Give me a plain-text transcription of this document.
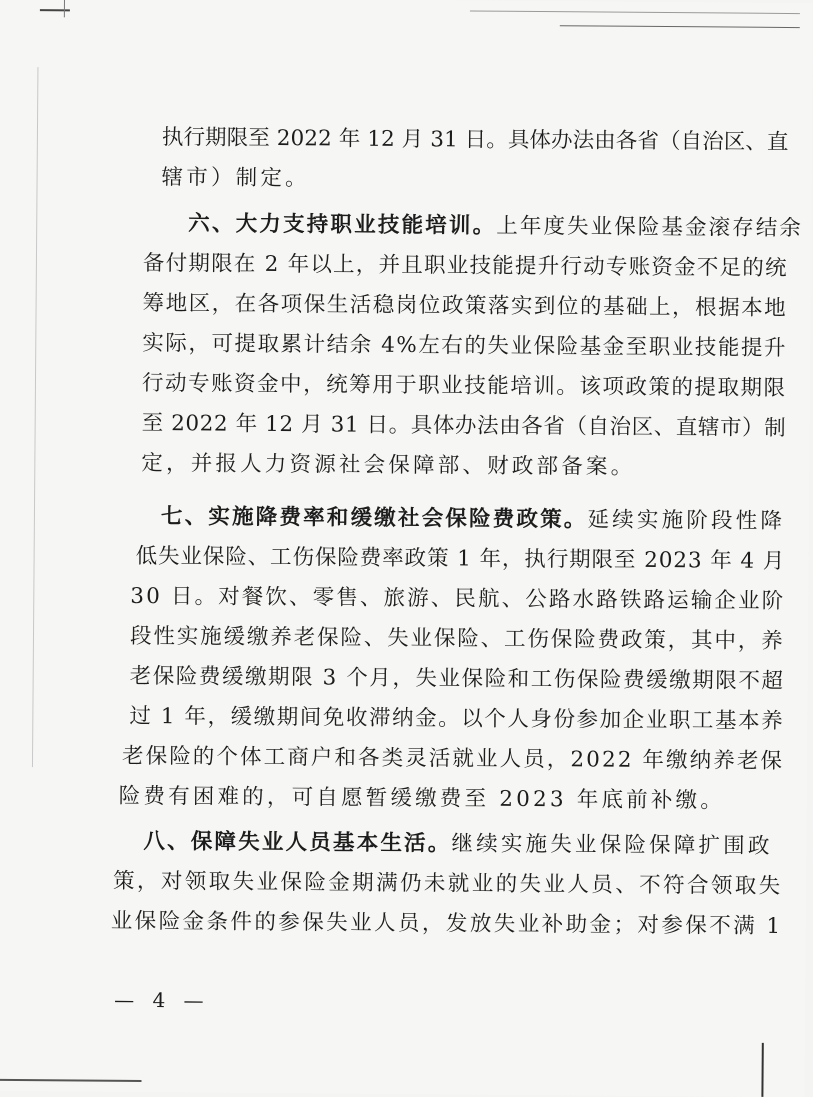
执行期限至 2022 年 12 月 31 日。具体办法由各省（自治区、直
辖市）制定。
六、大力支持职业技能培训。上年度失业保险基金滚存结余
备付期限在 2 年以上，并且职业技能提升行动专账资金不足的统
筹地区，在各项保生活稳岗位政策落实到位的基础上，根据本地
实际，可提取累计结余 4%左右的失业保险基金至职业技能提升
行动专账资金中，统筹用于职业技能培训。该项政策的提取期限
至 2022 年 12 月 31 日。具体办法由各省（自治区、直辖市）制
定，并报人力资源社会保障部、财政部备案。
七、实施降费率和缓缴社会保险费政策。延续实施阶段性降
低失业保险、工伤保险费率政策 1 年，执行期限至 2023 年 4 月
30 日。对餐饮、零售、旅游、民航、公路水路铁路运输企业阶
段性实施缓缴养老保险、失业保险、工伤保险费政策，其中，养
老保险费缓缴期限 3 个月，失业保险和工伤保险费缓缴期限不超
过 1 年，缓缴期间免收滞纳金。以个人身份参加企业职工基本养
老保险的个体工商户和各类灵活就业人员，2022 年缴纳养老保
险费有困难的，可自愿暂缓缴费至 2023 年底前补缴。
八、保障失业人员基本生活。继续实施失业保险保障扩围政
策，对领取失业保险金期满仍未就业的失业人员、不符合领取失
业保险金条件的参保失业人员，发放失业补助金；对参保不满 1
— 4 —
